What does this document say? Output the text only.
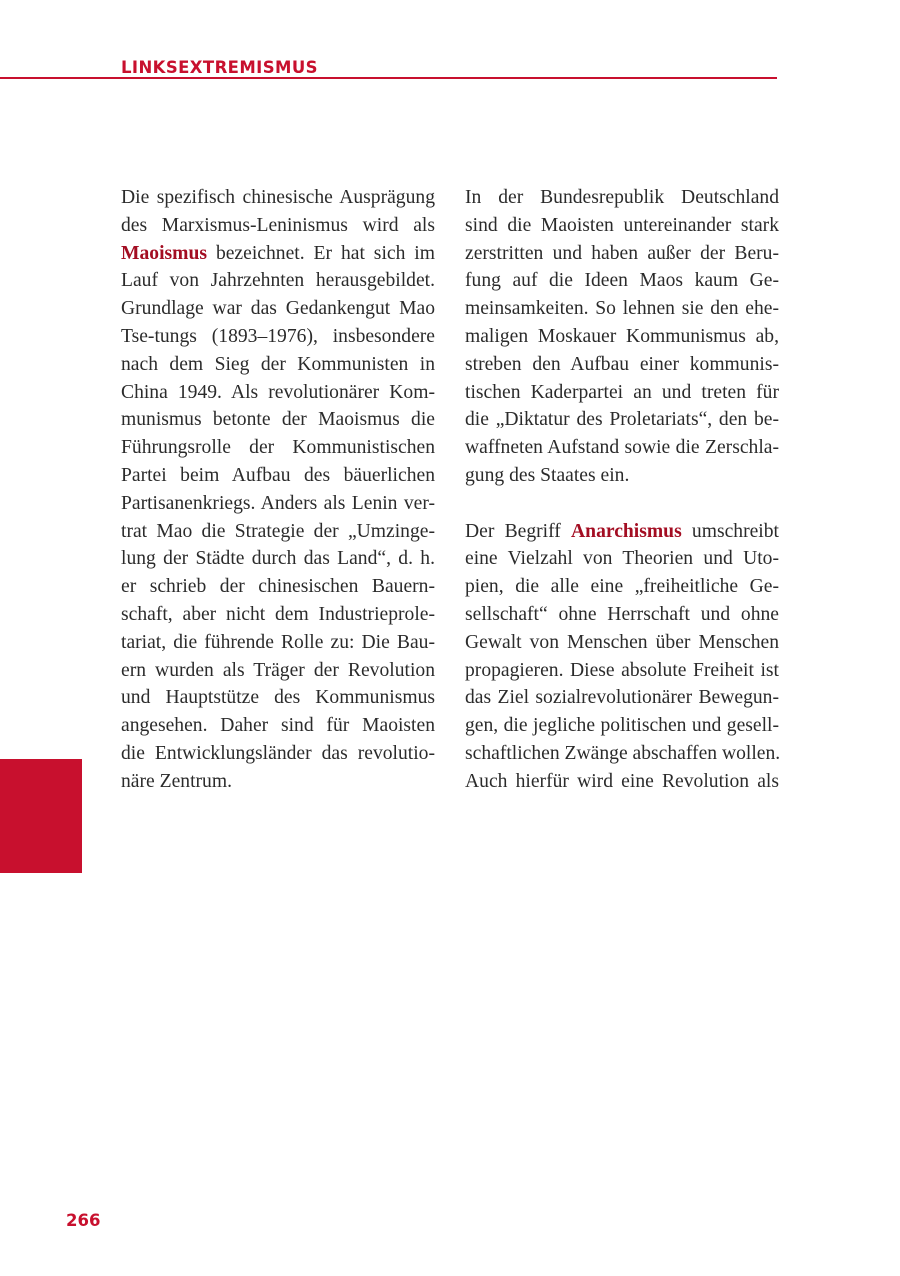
LINKSEXTREMISMUS
Die spezifisch chinesische Ausprägung
des Marxismus-Leninismus wird als
Maoismus bezeichnet. Er hat sich im
Lauf von Jahrzehnten herausgebildet.
Grundlage war das Gedankengut Mao
Tse-tungs (1893–1976), insbesondere
nach dem Sieg der Kommunisten in
China 1949. Als revolutionärer Kom-
munismus betonte der Maoismus die
Führungsrolle der Kommunistischen
Partei beim Aufbau des bäuerlichen
Partisanenkriegs. Anders als Lenin ver-
trat Mao die Strategie der „Umzinge-
lung der Städte durch das Land“, d. h.
er schrieb der chinesischen Bauern-
schaft, aber nicht dem Industrieprole-
tariat, die führende Rolle zu: Die Bau-
ern wurden als Träger der Revolution
und Hauptstütze des Kommunismus
angesehen. Daher sind für Maoisten
die Entwicklungsländer das revolutio-
näre Zentrum.
In der Bundesrepublik Deutschland
sind die Maoisten untereinander stark
zerstritten und haben außer der Beru-
fung auf die Ideen Maos kaum Ge-
meinsamkeiten. So lehnen sie den ehe-
maligen Moskauer Kommunismus ab,
streben den Aufbau einer kommunis-
tischen Kaderpartei an und treten für
die „Diktatur des Proletariats“, den be-
waffneten Aufstand sowie die Zerschla-
gung des Staates ein.
Der Begriff Anarchismus umschreibt
eine Vielzahl von Theorien und Uto-
pien, die alle eine „freiheitliche Ge-
sellschaft“ ohne Herrschaft und ohne
Gewalt von Menschen über Menschen
propagieren. Diese absolute Freiheit ist
das Ziel sozialrevolutionärer Bewegun-
gen, die jegliche politischen und gesell-
schaftlichen Zwänge abschaffen wollen.
Auch hierfür wird eine Revolution als
266
